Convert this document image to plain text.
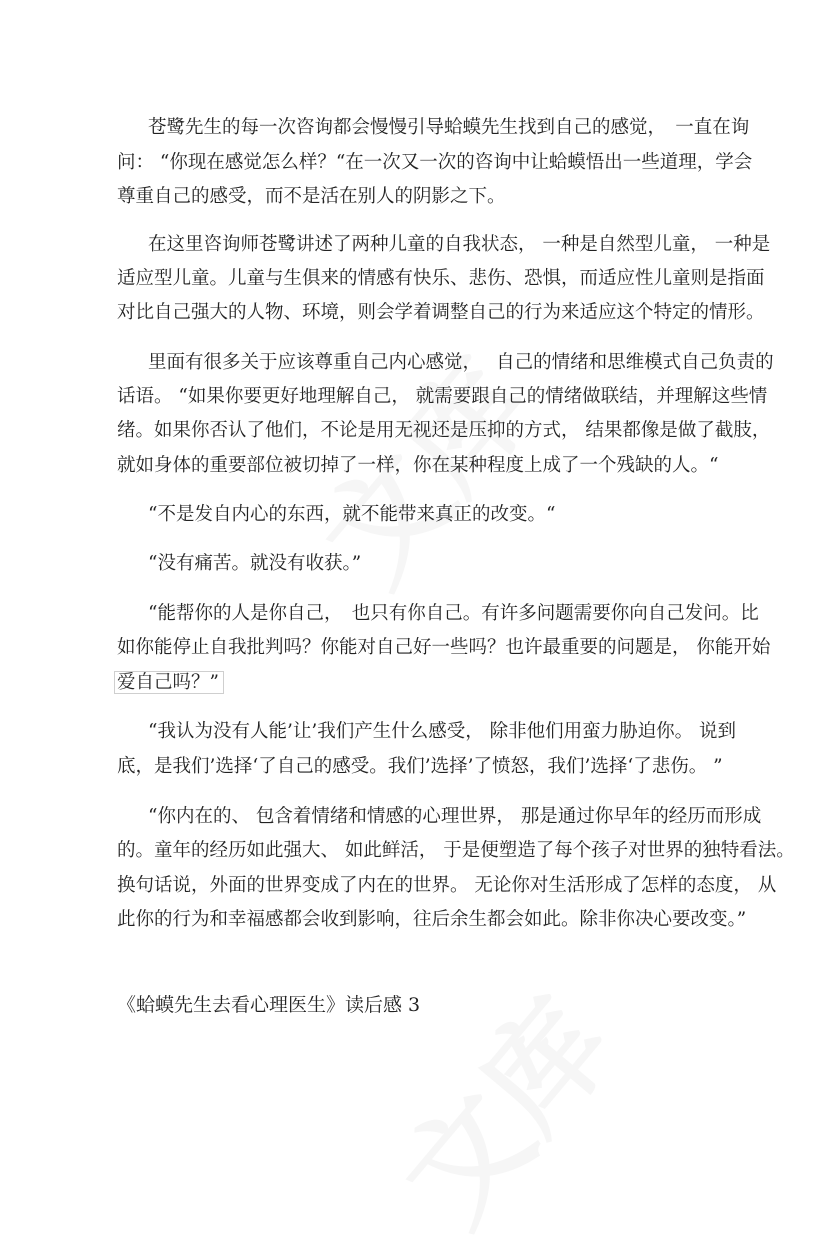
苍鹭先生的每一次咨询都会慢慢引导蛤蟆先生找到自己的感觉，　一直在询
问： “你现在感觉怎么样？“在一次又一次的咨询中让蛤蟆悟出一些道理，学会
尊重自己的感受，而不是活在别人的阴影之下。
在这里咨询师苍鹭讲述了两种儿童的自我状态， 一种是自然型儿童， 一种是
适应型儿童。儿童与生俱来的情感有快乐、悲伤、恐惧，而适应性儿童则是指面
对比自己强大的人物、环境，则会学着调整自己的行为来适应这个特定的情形。
里面有很多关于应该尊重自己内心感觉，　 自己的情绪和思维模式自己负责的
话语。 “如果你要更好地理解自己， 就需要跟自己的情绪做联结，并理解这些情
绪。如果你否认了他们，不论是用无视还是压抑的方式， 结果都像是做了截肢，
就如身体的重要部位被切掉了一样，你在某种程度上成了一个残缺的人。“
“不是发自内心的东西，就不能带来真正的改变。“
“没有痛苦。就没有收获。”
“能帮你的人是你自己，　也只有你自己。有许多问题需要你向自己发问。比
如你能停止自我批判吗？你能对自己好一些吗？也许最重要的问题是， 你能开始
爱自己吗？”
“我认为没有人能’让’我们产生什么感受， 除非他们用蛮力胁迫你。 说到
底，是我们’选择‘了自己的感受。我们’选择’了愤怒，我们’选择‘了悲伤。 ”
“你内在的、 包含着情绪和情感的心理世界， 那是通过你早年的经历而形成
的。童年的经历如此强大、 如此鲜活， 于是便塑造了每个孩子对世界的独特看法。
换句话说，外面的世界变成了内在的世界。 无论你对生活形成了怎样的态度， 从
此你的行为和幸福感都会收到影响，往后余生都会如此。除非你决心要改变。”
《蛤蟆先生去看心理医生》读后感 3
